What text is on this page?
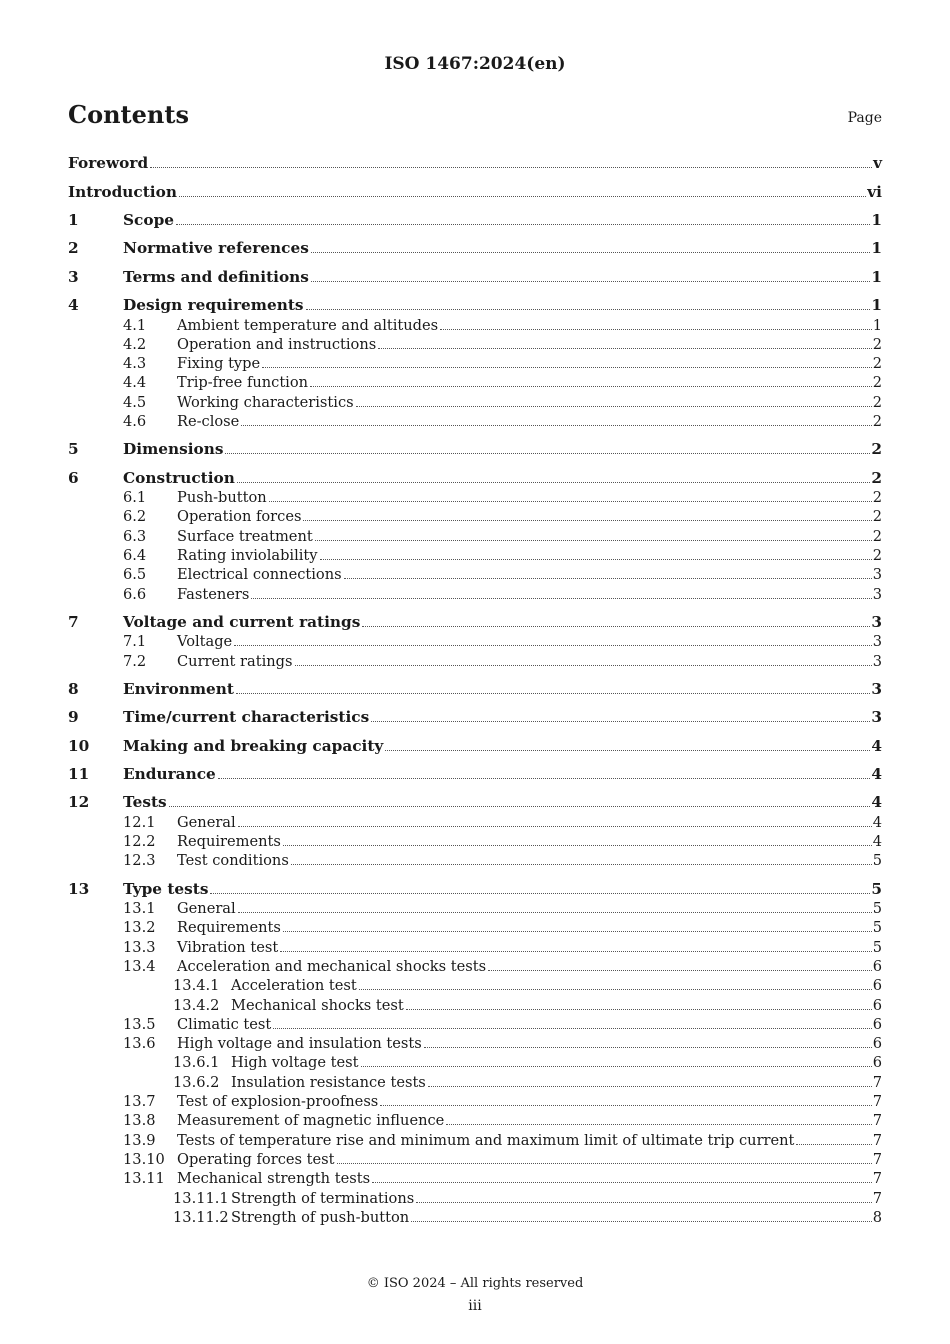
ISO 1467:2024(en)
Contents	Page
Foreword	v
Introduction	vi
1	Scope	1
2	Normative references	1
3	Terms and definitions	1
4	Design requirements	1
4.1 Ambient temperature and altitudes	1
4.2 Operation and instructions	2
4.3 Fixing type	2
4.4 Trip-free function	2
4.5 Working characteristics	2
4.6 Re-close	2
5	Dimensions	2
6	Construction	2
6.1 Push-button	2
6.2 Operation forces	2
6.3 Surface treatment	2
6.4 Rating inviolability	2
6.5 Electrical connections	3
6.6 Fasteners	3
7	Voltage and current ratings	3
7.1 Voltage	3
7.2 Current ratings	3
8	Environment	3
9	Time/current characteristics	3
10 Making and breaking capacity	4
11 Endurance	4
12 Tests	4
12.1 General	4
12.2 Requirements	4
12.3 Test conditions	5
13 Type tests	5
13.1 General	5
13.2 Requirements	5
13.3 Vibration test	5
13.4 Acceleration and mechanical shocks tests	6
13.4.1 Acceleration test	6
13.4.2 Mechanical shocks test	6
13.5 Climatic test	6
13.6 High voltage and insulation tests	6
13.6.1 High voltage test	6
13.6.2 Insulation resistance tests	7
13.7 Test of explosion-proofness	7
13.8 Measurement of magnetic influence	7
13.9 Tests of temperature rise and minimum and maximum limit of ultimate trip current	7
13.10 Operating forces test	7
13.11 Mechanical strength tests	7
13.11.1 Strength of terminations	7
13.11.2 Strength of push-button	8
© ISO 2024 – All rights reserved
iii
